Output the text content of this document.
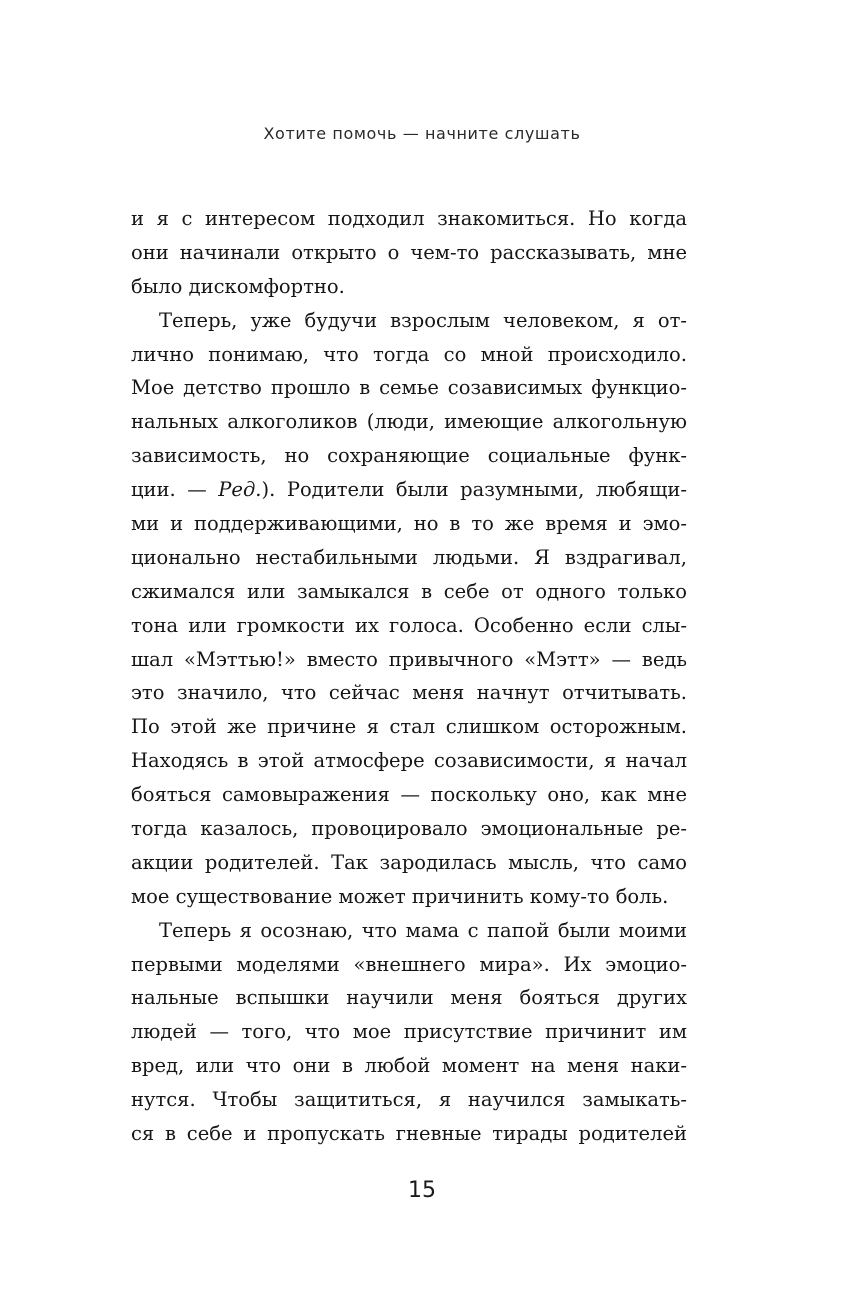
Хотите помочь — начните слушать
и я с интересом подходил знакомиться. Но когда
они начинали открыто о чем-то рассказывать, мне
было дискомфортно.
Теперь, уже будучи взрослым человеком, я от-
лично понимаю, что тогда со мной происходило.
Мое детство прошло в семье созависимых функцио-
нальных алкоголиков (люди, имеющие алкогольную
зависимость, но сохраняющие социальные функ-
ции. — Ред.). Родители были разумными, любящи-
ми и поддерживающими, но в то же время и эмо-
ционально нестабильными людьми. Я вздрагивал,
сжимался или замыкался в себе от одного только
тона или громкости их голоса. Особенно если слы-
шал «Мэттью!» вместо привычного «Мэтт» — ведь
это значило, что сейчас меня начнут отчитывать.
По этой же причине я стал слишком осторожным.
Находясь в этой атмосфере созависимости, я начал
бояться самовыражения — поскольку оно, как мне
тогда казалось, провоцировало эмоциональные ре-
акции родителей. Так зародилась мысль, что само
мое существование может причинить кому-то боль.
Теперь я осознаю, что мама с папой были моими
первыми моделями «внешнего мира». Их эмоцио-
нальные вспышки научили меня бояться других
людей — того, что мое присутствие причинит им
вред, или что они в любой момент на меня наки-
нутся. Чтобы защититься, я научился замыкать-
ся в себе и пропускать гневные тирады родителей
15
